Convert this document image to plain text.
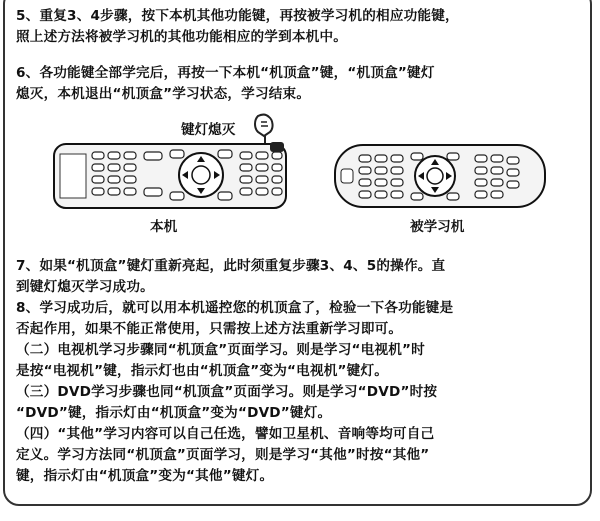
5、重复3、4步骤，按下本机其他功能键，再按被学习机的相应功能键，
照上述方法将被学习机的其他功能相应的学到本机中。
6、各功能键全部学完后，再按一下本机“机顶盒”键，“机顶盒”键灯
熄灭，本机退出“机顶盒”学习状态，学习结束。
键灯熄灭
本机	被学习机
7、如果“机顶盒”键灯重新亮起，此时须重复步骤3、4、5的操作。直
到键灯熄灭学习成功。
8、学习成功后，就可以用本机遥控您的机顶盒了，检验一下各功能键是
否起作用，如果不能正常使用，只需按上述方法重新学习即可。
（二）电视机学习步骤同“机顶盒”页面学习。则是学习“电视机”时
是按“电视机”键，指示灯也由“机顶盒”变为“电视机”键灯。
（三）DVD学习步骤也同“机顶盒”页面学习。则是学习“DVD”时按
“DVD”键，指示灯由“机顶盒”变为“DVD”键灯。
（四）“其他”学习内容可以自己任选，譬如卫星机、音响等均可自己
定义。学习方法同“机顶盒”页面学习，则是学习“其他”时按“其他”
键，指示灯由“机顶盒”变为“其他”键灯。
